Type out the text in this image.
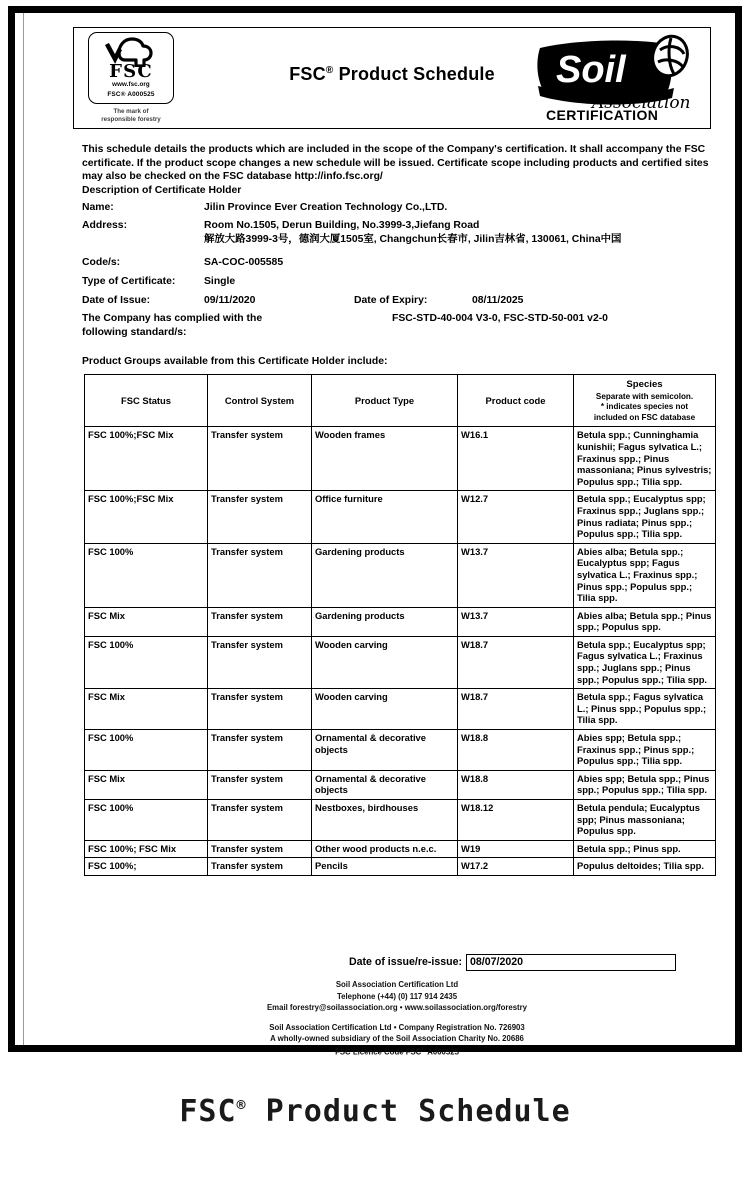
FSC
www.fsc.org
FSC® A000525
The mark of
responsible forestry
FSC® Product Schedule	Soil
Association
CERTIFICATION
This schedule details the products which are included in the scope of the Company's certification. It shall accompany the FSC certificate. If the product scope changes a new schedule will be issued. Certificate scope including products and certified sites may also be checked on the FSC database http://info.fsc.org/
Description of Certificate Holder
Name:	Jilin Province Ever Creation Technology Co.,LTD.
Address:	Room No.1505, Derun Building, No.3999-3,Jiefang Road
解放大路3999-3号，德润大厦1505室, Changchun长春市, Jilin吉林省, 130061, China中国
Code/s:	SA-COC-005585
Type of Certificate:	Single
Date of Issue:	09/11/2020	Date of Expiry:	08/11/2025
The Company has complied with the
following standard/s:
FSC-STD-40-004 V3-0, FSC-STD-50-001 v2-0
Product Groups available from this Certificate Holder include:
FSC Status	Control System	Product Type	Product code	Species
Separate with semicolon.
* indicates species not
included on FSC database

FSC 100%;FSC Mix	Transfer system	Wooden frames	W16.1	Betula spp.; Cunninghamia kunishii; Fagus sylvatica L.; Fraxinus spp.; Pinus massoniana; Pinus sylvestris; Populus spp.; Tilia spp.
FSC 100%;FSC Mix	Transfer system	Office furniture	W12.7	Betula spp.; Eucalyptus spp; Fraxinus spp.; Juglans spp.; Pinus radiata; Pinus spp.; Populus spp.; Tilia spp.
FSC 100%	Transfer system	Gardening products	W13.7	Abies alba; Betula spp.; Eucalyptus spp; Fagus sylvatica L.; Fraxinus spp.; Pinus spp.; Populus spp.; Tilia spp.
FSC Mix	Transfer system	Gardening products	W13.7	Abies alba; Betula spp.; Pinus spp.; Populus spp.
FSC 100%	Transfer system	Wooden carving	W18.7	Betula spp.; Eucalyptus spp; Fagus sylvatica L.; Fraxinus spp.; Juglans spp.; Pinus spp.; Populus spp.; Tilia spp.
FSC Mix	Transfer system	Wooden carving	W18.7	Betula spp.; Fagus sylvatica L.; Pinus spp.; Populus spp.; Tilia spp.
FSC 100%	Transfer system	Ornamental & decorative objects	W18.8	Abies spp; Betula spp.; Fraxinus spp.; Pinus spp.; Populus spp.; Tilia spp.
FSC Mix	Transfer system	Ornamental & decorative objects	W18.8	Abies spp; Betula spp.; Pinus spp.; Populus spp.; Tilia spp.
FSC 100%	Transfer system	Nestboxes, birdhouses	W18.12	Betula pendula; Eucalyptus spp; Pinus massoniana; Populus spp.
FSC 100%; FSC Mix	Transfer system	Other wood products n.e.c.	W19	Betula spp.; Pinus spp.
FSC 100%;	Transfer system	Pencils	W17.2	Populus deltoides; Tilia spp.
Date of issue/re-issue: 08/07/2020
Soil Association Certification Ltd
Telephone (+44) (0) 117 914 2435
Email forestry@soilassociation.org • www.soilassociation.org/forestry
Soil Association Certification Ltd • Company Registration No. 726903
A wholly-owned subsidiary of the Soil Association Charity No. 20686
FSC Licence Code FSC® A000525
FSC® Product Schedule
